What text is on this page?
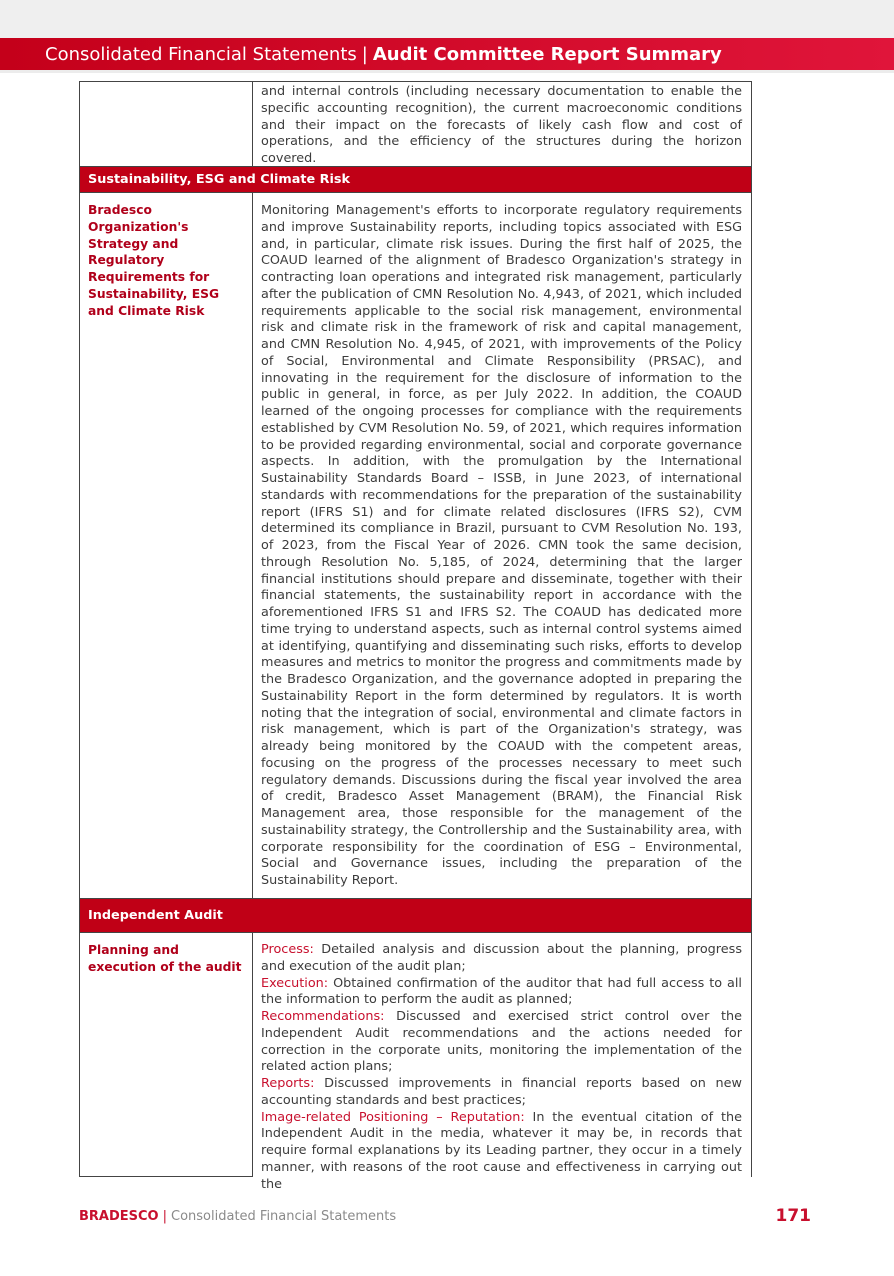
Consolidated Financial Statements | Audit Committee Report Summary
and internal controls (including necessary documentation to enable the specific accounting recognition), the current macroeconomic conditions and their impact on the forecasts of likely cash flow and cost of operations, and the efficiency of the structures during the horizon covered.
Sustainability, ESG and Climate Risk
Bradesco Organization's Strategy and Regulatory Requirements for Sustainability, ESG and Climate Risk
Monitoring Management's efforts to incorporate regulatory requirements and improve Sustainability reports, including topics associated with ESG and, in particular, climate risk issues. During the first half of 2025, the COAUD learned of the alignment of Bradesco Organization's strategy in contracting loan operations and integrated risk management, particularly after the publication of CMN Resolution No. 4,943, of 2021, which included requirements applicable to the social risk management, environmental risk and climate risk in the framework of risk and capital management, and CMN Resolution No. 4,945, of 2021, with improvements of the Policy of Social, Environmental and Climate Responsibility (PRSAC), and innovating in the requirement for the disclosure of information to the public in general, in force, as per July 2022. In addition, the COAUD learned of the ongoing processes for compliance with the requirements established by CVM Resolution No. 59, of 2021, which requires information to be provided regarding environmental, social and corporate governance aspects. In addition, with the promulgation by the International Sustainability Standards Board – ISSB, in June 2023, of international standards with recommendations for the preparation of the sustainability report (IFRS S1) and for climate related disclosures (IFRS S2), CVM determined its compliance in Brazil, pursuant to CVM Resolution No. 193, of 2023, from the Fiscal Year of 2026. CMN took the same decision, through Resolution No. 5,185, of 2024, determining that the larger financial institutions should prepare and disseminate, together with their financial statements, the sustainability report in accordance with the aforementioned IFRS S1 and IFRS S2. The COAUD has dedicated more time trying to understand aspects, such as internal control systems aimed at identifying, quantifying and disseminating such risks, efforts to develop measures and metrics to monitor the progress and commitments made by the Bradesco Organization, and the governance adopted in preparing the Sustainability Report in the form determined by regulators. It is worth noting that the integration of social, environmental and climate factors in risk management, which is part of the Organization's strategy, was already being monitored by the COAUD with the competent areas, focusing on the progress of the processes necessary to meet such regulatory demands. Discussions during the fiscal year involved the area of credit, Bradesco Asset Management (BRAM), the Financial Risk Management area, those responsible for the management of the sustainability strategy, the Controllership and the Sustainability area, with corporate responsibility for the coordination of ESG – Environmental, Social and Governance issues, including the preparation of the Sustainability Report.
Independent Audit
Planning and execution of the audit
Process: Detailed analysis and discussion about the planning, progress and execution of the audit plan;
Execution: Obtained confirmation of the auditor that had full access to all the information to perform the audit as planned;
Recommendations: Discussed and exercised strict control over the Independent Audit recommendations and the actions needed for correction in the corporate units, monitoring the implementation of the related action plans;
Reports: Discussed improvements in financial reports based on new accounting standards and best practices;
Image-related Positioning – Reputation: In the eventual citation of the Independent Audit in the media, whatever it may be, in records that require formal explanations by its Leading partner, they occur in a timely manner, with reasons of the root cause and effectiveness in carrying out the
BRADESCO | Consolidated Financial Statements	171
